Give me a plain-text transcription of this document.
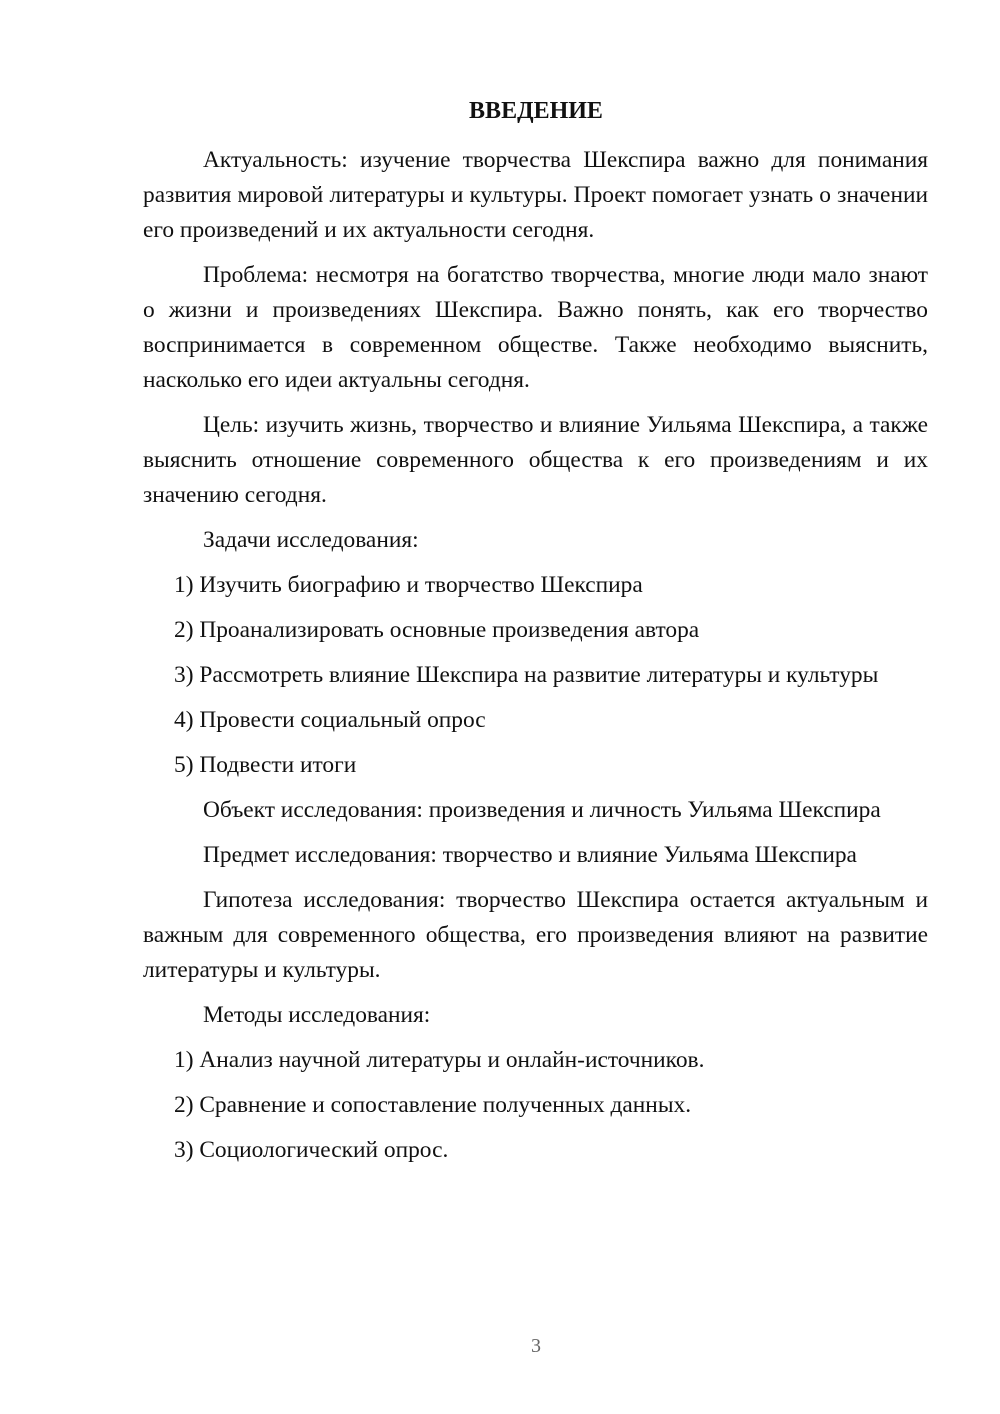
ВВЕДЕНИЕ

Актуальность: изучение творчества Шекспира важно для понимания развития мировой литературы и культуры. Проект помогает узнать о значении его произведений и их актуальности сегодня.

Проблема: несмотря на богатство творчества, многие люди мало знают о жизни и произведениях Шекспира. Важно понять, как его творчество воспринимается в современном обществе. Также необходимо выяснить, насколько его идеи актуальны сегодня.

Цель: изучить жизнь, творчество и влияние Уильяма Шекспира, а также выяснить отношение современного общества к его произведениям и их значению сегодня.

Задачи исследования:

1) Изучить биографию и творчество Шекспира

2) Проанализировать основные произведения автора

3) Рассмотреть влияние Шекспира на развитие литературы и культуры

4) Провести социальный опрос

5) Подвести итоги

Объект исследования: произведения и личность Уильяма Шекспира

Предмет исследования: творчество и влияние Уильяма Шекспира

Гипотеза исследования: творчество Шекспира остается актуальным и важным для современного общества, его произведения влияют на развитие литературы и культуры.

Методы исследования:

1) Анализ научной литературы и онлайн-источников.

2) Сравнение и сопоставление полученных данных.

3) Социологический опрос.

3
